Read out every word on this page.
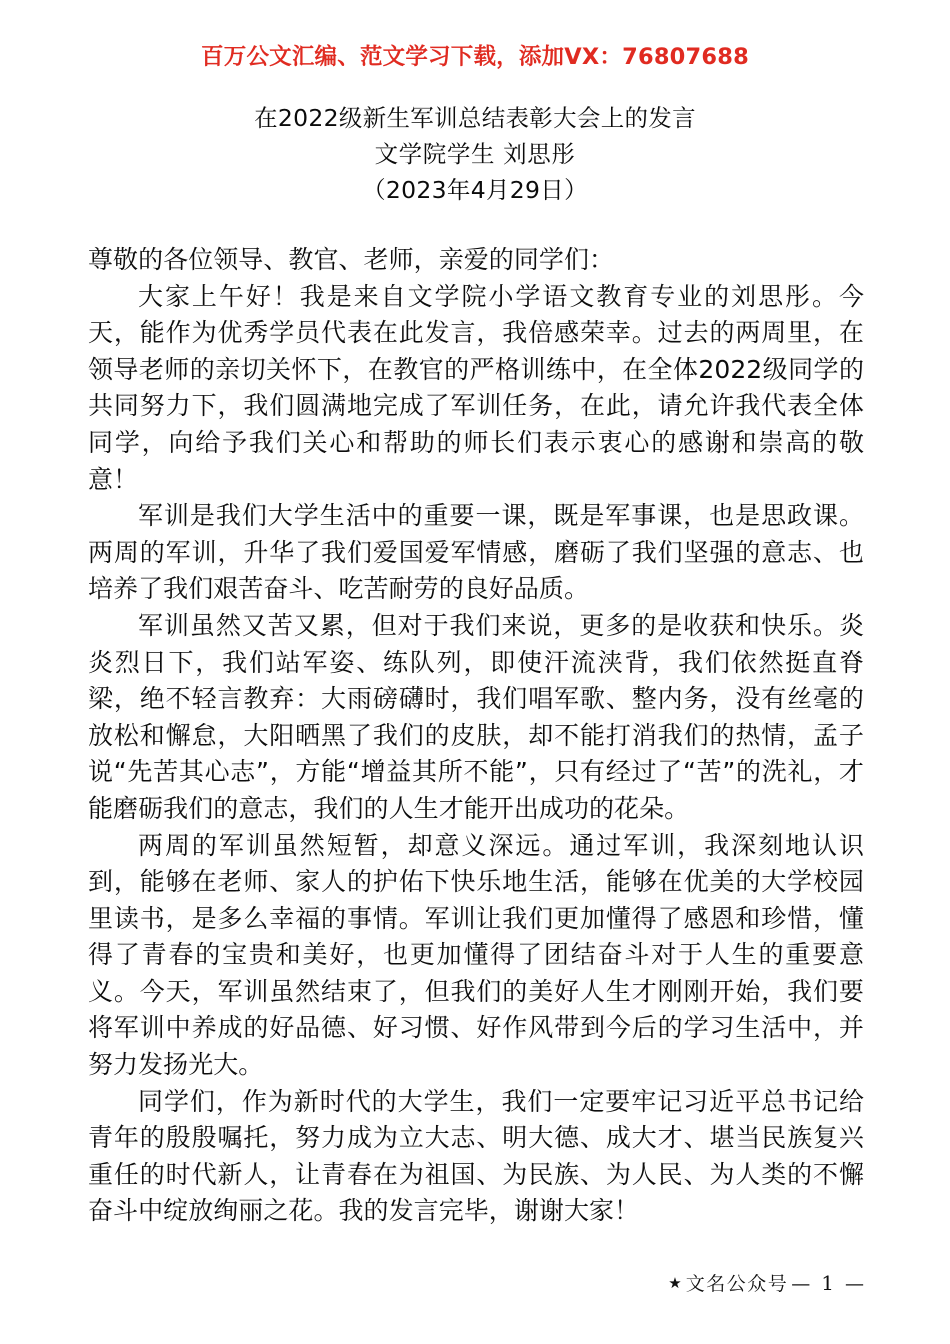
百万公文汇编、范文学习下载，添加VX：76807688
在2022级新生军训总结表彰大会上的发言
文学院学生 刘思彤
（2023年4月29日）

尊敬的各位领导、教官、老师，亲爱的同学们：

大家上午好！我是来自文学院小学语文教育专业的刘思彤。今天，能作为优秀学员代表在此发言，我倍感荣幸。过去的两周里，在领导老师的亲切关怀下，在教官的严格训练中，在全体2022级同学的共同努力下，我们圆满地完成了军训任务，在此，请允许我代表全体同学，向给予我们关心和帮助的师长们表示衷心的感谢和崇高的敬意！

军训是我们大学生活中的重要一课，既是军事课，也是思政课。两周的军训，升华了我们爱国爱军情感，磨砺了我们坚强的意志、也培养了我们艰苦奋斗、吃苦耐劳的良好品质。

军训虽然又苦又累，但对于我们来说，更多的是收获和快乐。炎炎烈日下，我们站军姿、练队列，即使汗流浃背，我们依然挺直脊梁，绝不轻言教弃：大雨磅礴时，我们唱军歌、整内务，没有丝毫的放松和懈怠，大阳晒黑了我们的皮肤，却不能打消我们的热情，孟子说“先苦其心志”，方能“增益其所不能”，只有经过了“苦”的洗礼，才能磨砺我们的意志，我们的人生才能开出成功的花朵。

两周的军训虽然短暂，却意义深远。通过军训，我深刻地认识到，能够在老师、家人的护佑下快乐地生活，能够在优美的大学校园里读书，是多么幸福的事情。军训让我们更加懂得了感恩和珍惜，懂得了青春的宝贵和美好，也更加懂得了团结奋斗对于人生的重要意义。今天，军训虽然结束了，但我们的美好人生才刚刚开始，我们要将军训中养成的好品德、好习惯、好作风带到今后的学习生活中，并努力发扬光大。

同学们，作为新时代的大学生，我们一定要牢记习近平总书记给青年的殷殷嘱托，努力成为立大志、明大德、成大才、堪当民族复兴重任的时代新人，让青春在为祖国、为民族、为人民、为人类的不懈奋斗中绽放绚丽之花。我的发言完毕，谢谢大家！

★ 文名公众号 — 1 —
